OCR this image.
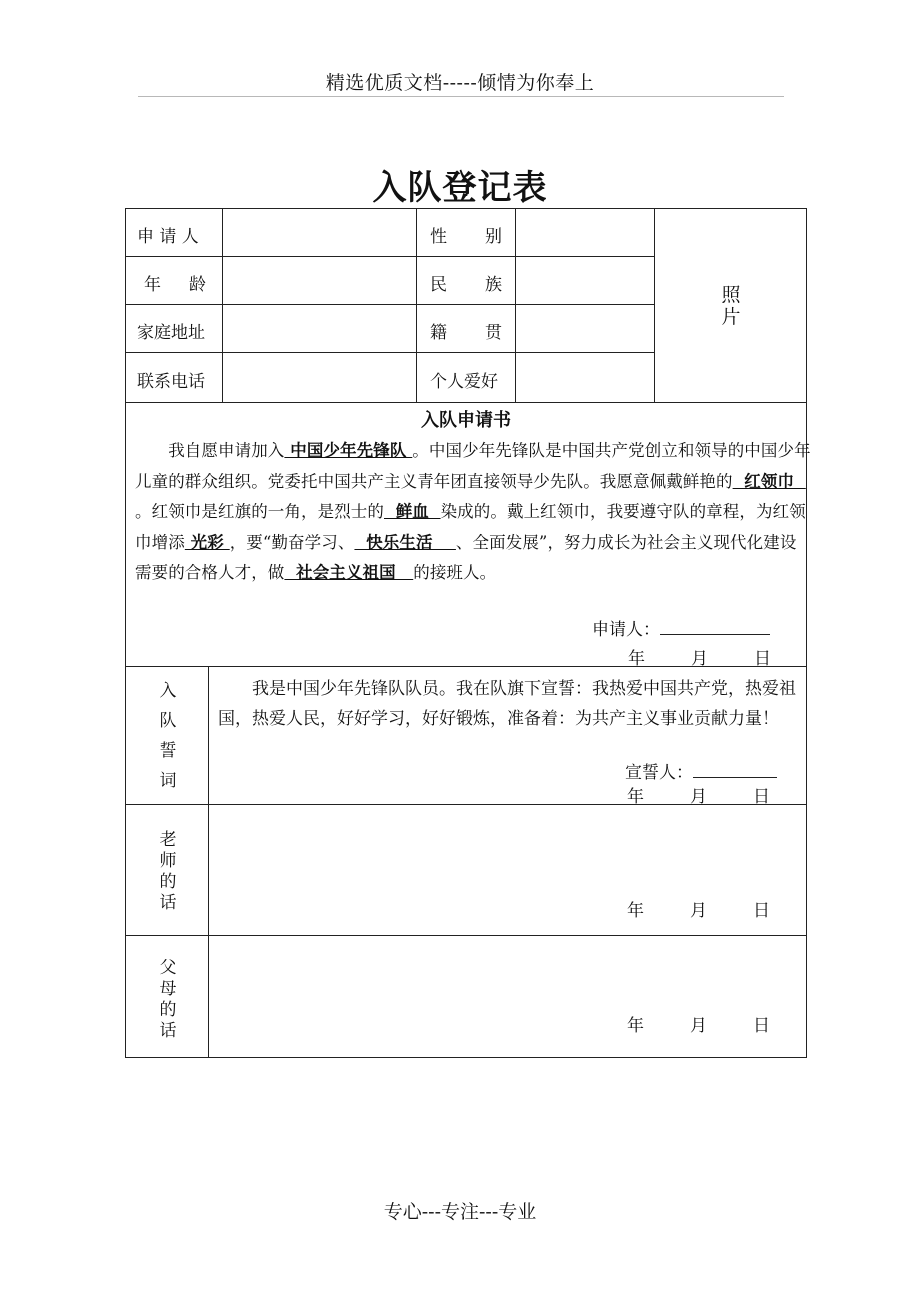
精选优质文档-----倾情为你奉上
入队登记表
申 请 人	性 别
年 龄	民 族
家庭地址	籍 贯
联系电话	个人爱好
照
片
入队申请书
　　我自愿申请加入 中国少年先锋队 。中国少年先锋队是中国共产党创立和领导的中国少年儿童的群众组织。党委托中国共产主义青年团直接领导少先队。我愿意佩戴鲜艳的  红领巾  。红领巾是红旗的一角，是烈士的  鲜血  染成的。戴上红领巾，我要遵守队的章程，为红领巾增添 光彩 ，要“勤奋学习、  快乐生活    、全面发展”，努力成长为社会主义现代化建设需要的合格人才，做  社会主义祖国   的接班人。
申请人：
年	月	日
入
队
誓
词
　　我是中国少年先锋队队员。我在队旗下宣誓：我热爱中国共产党，热爱祖国，热爱人民，好好学习，好好锻炼，准备着：为共产主义事业贡献力量！
宣誓人：
年	月	日
老
师
的
话	年	月	日
父
母
的
话	年	月	日
专心---专注---专业
